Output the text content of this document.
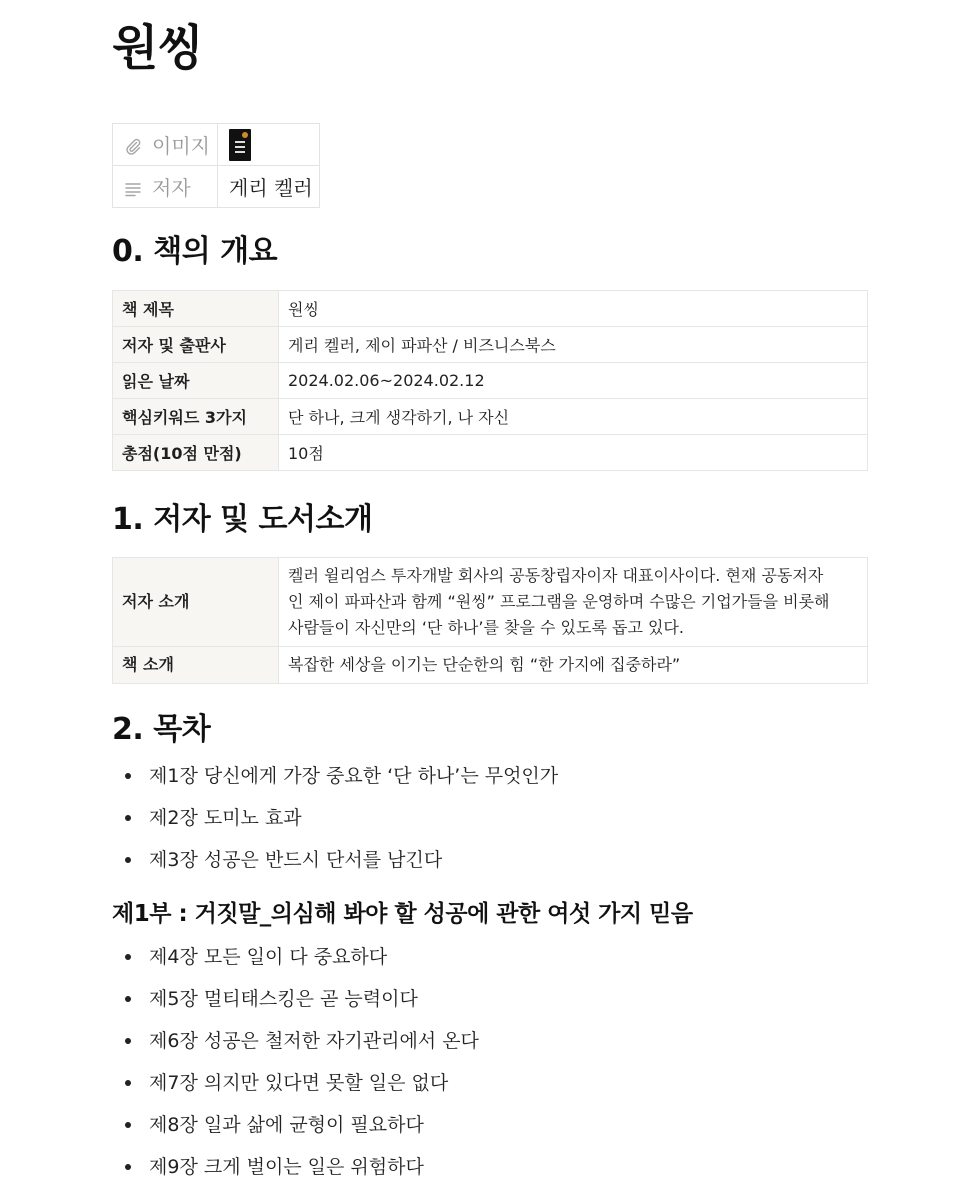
원씽
이미지	

저자	게리 켈러
0. 책의 개요
책 제목	원씽
저자 및 출판사	게리 켈러, 제이 파파산 / 비즈니스북스
읽은 날짜	2024.02.06~2024.02.12
핵심키워드 3가지	단 하나, 크게 생각하기, 나 자신
총점(10점 만점)	10점
1. 저자 및 도서소개
저자 소개	켈러 윌리엄스 투자개발 회사의 공동창립자이자 대표이사이다. 현재 공동저자
인 제이 파파산과 함께 “원씽” 프로그램을 운영하며 수많은 기업가들을 비롯해
사람들이 자신만의 ‘단 하나’를 찾을 수 있도록 돕고 있다.

책 소개	복잡한 세상을 이기는 단순한의 힘 “한 가지에 집중하라”
2. 목차
제1장 당신에게 가장 중요한 ‘단 하나’는 무엇인가
제2장 도미노 효과
제3장 성공은 반드시 단서를 남긴다
제1부 : 거짓말_의심해 봐야 할 성공에 관한 여섯 가지 믿음
제4장 모든 일이 다 중요하다
제5장 멀티태스킹은 곧 능력이다
제6장 성공은 철저한 자기관리에서 온다
제7장 의지만 있다면 못할 일은 없다
제8장 일과 삶에 균형이 필요하다
제9장 크게 벌이는 일은 위험하다
